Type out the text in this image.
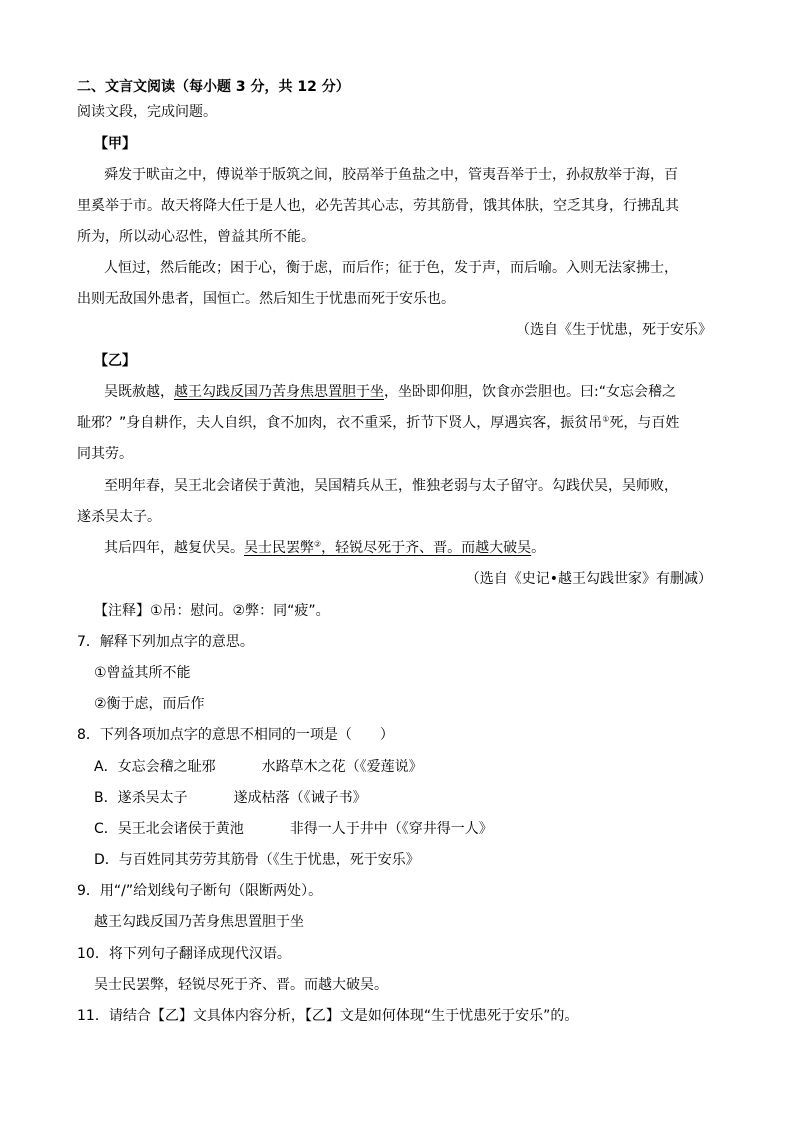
二、文言文阅读（每小题 3 分，共 12 分）
阅读文段，完成问题。
【甲】
舜发于畎亩之中，傅说举于版筑之间，胶鬲举于鱼盐之中，管夷吾举于士，孙叔敖举于海，百
里奚举于市。故天将降大任于是人也，必先苦其心志，劳其筋骨，饿其体肤，空乏其身，行拂乱其
所为，所以动心忍性，曾益其所不能。
人恒过，然后能改；困于心，衡于虑，而后作；征于色，发于声，而后喻。入则无法家拂士，
出则无敌国外患者，国恒亡。然后知生于忧患而死于安乐也。
（选自《生于忧患，死于安乐》
【乙】
吴既赦越，越王勾践反国乃苦身焦思置胆于坐，坐卧即仰胆，饮食亦尝胆也。曰:“女忘会稽之
耻邪？”身自耕作，夫人自织，食不加肉，衣不重采，折节下贤人，厚遇宾客，振贫吊①死，与百姓
同其劳。
至明年春，吴王北会诸侯于黄池，吴国精兵从王，惟独老弱与太子留守。勾践伏吴，吴师败，
遂杀吴太子。
其后四年，越复伏吴。吴士民罢弊②，轻锐尽死于齐、晋。而越大破吴。
（选自《史记•越王勾践世家》有删减）
【注释】①吊：慰问。②弊：同“疲”。
7．解释下列加点字的意思。
①曾益其所不能
②衡于虑，而后作
8．下列各项加点字的意思不相同的一项是（　　）
A．女忘会稽之耻邪	水路草木之花（《爱莲说》
B．遂杀吴太子	遂成枯落（《诫子书》
C．吴王北会诸侯于黄池	非得一人于井中（《穿井得一人》
D．与百姓同其劳劳其筋骨（《生于忧患，死于安乐》
9．用“/”给划线句子断句（限断两处）。
越王勾践反国乃苦身焦思置胆于坐
10．将下列句子翻译成现代汉语。
吴士民罢弊，轻锐尽死于齐、晋。而越大破吴。
11．请结合【乙】文具体内容分析，【乙】文是如何体现“生于忧患死于安乐”的。
